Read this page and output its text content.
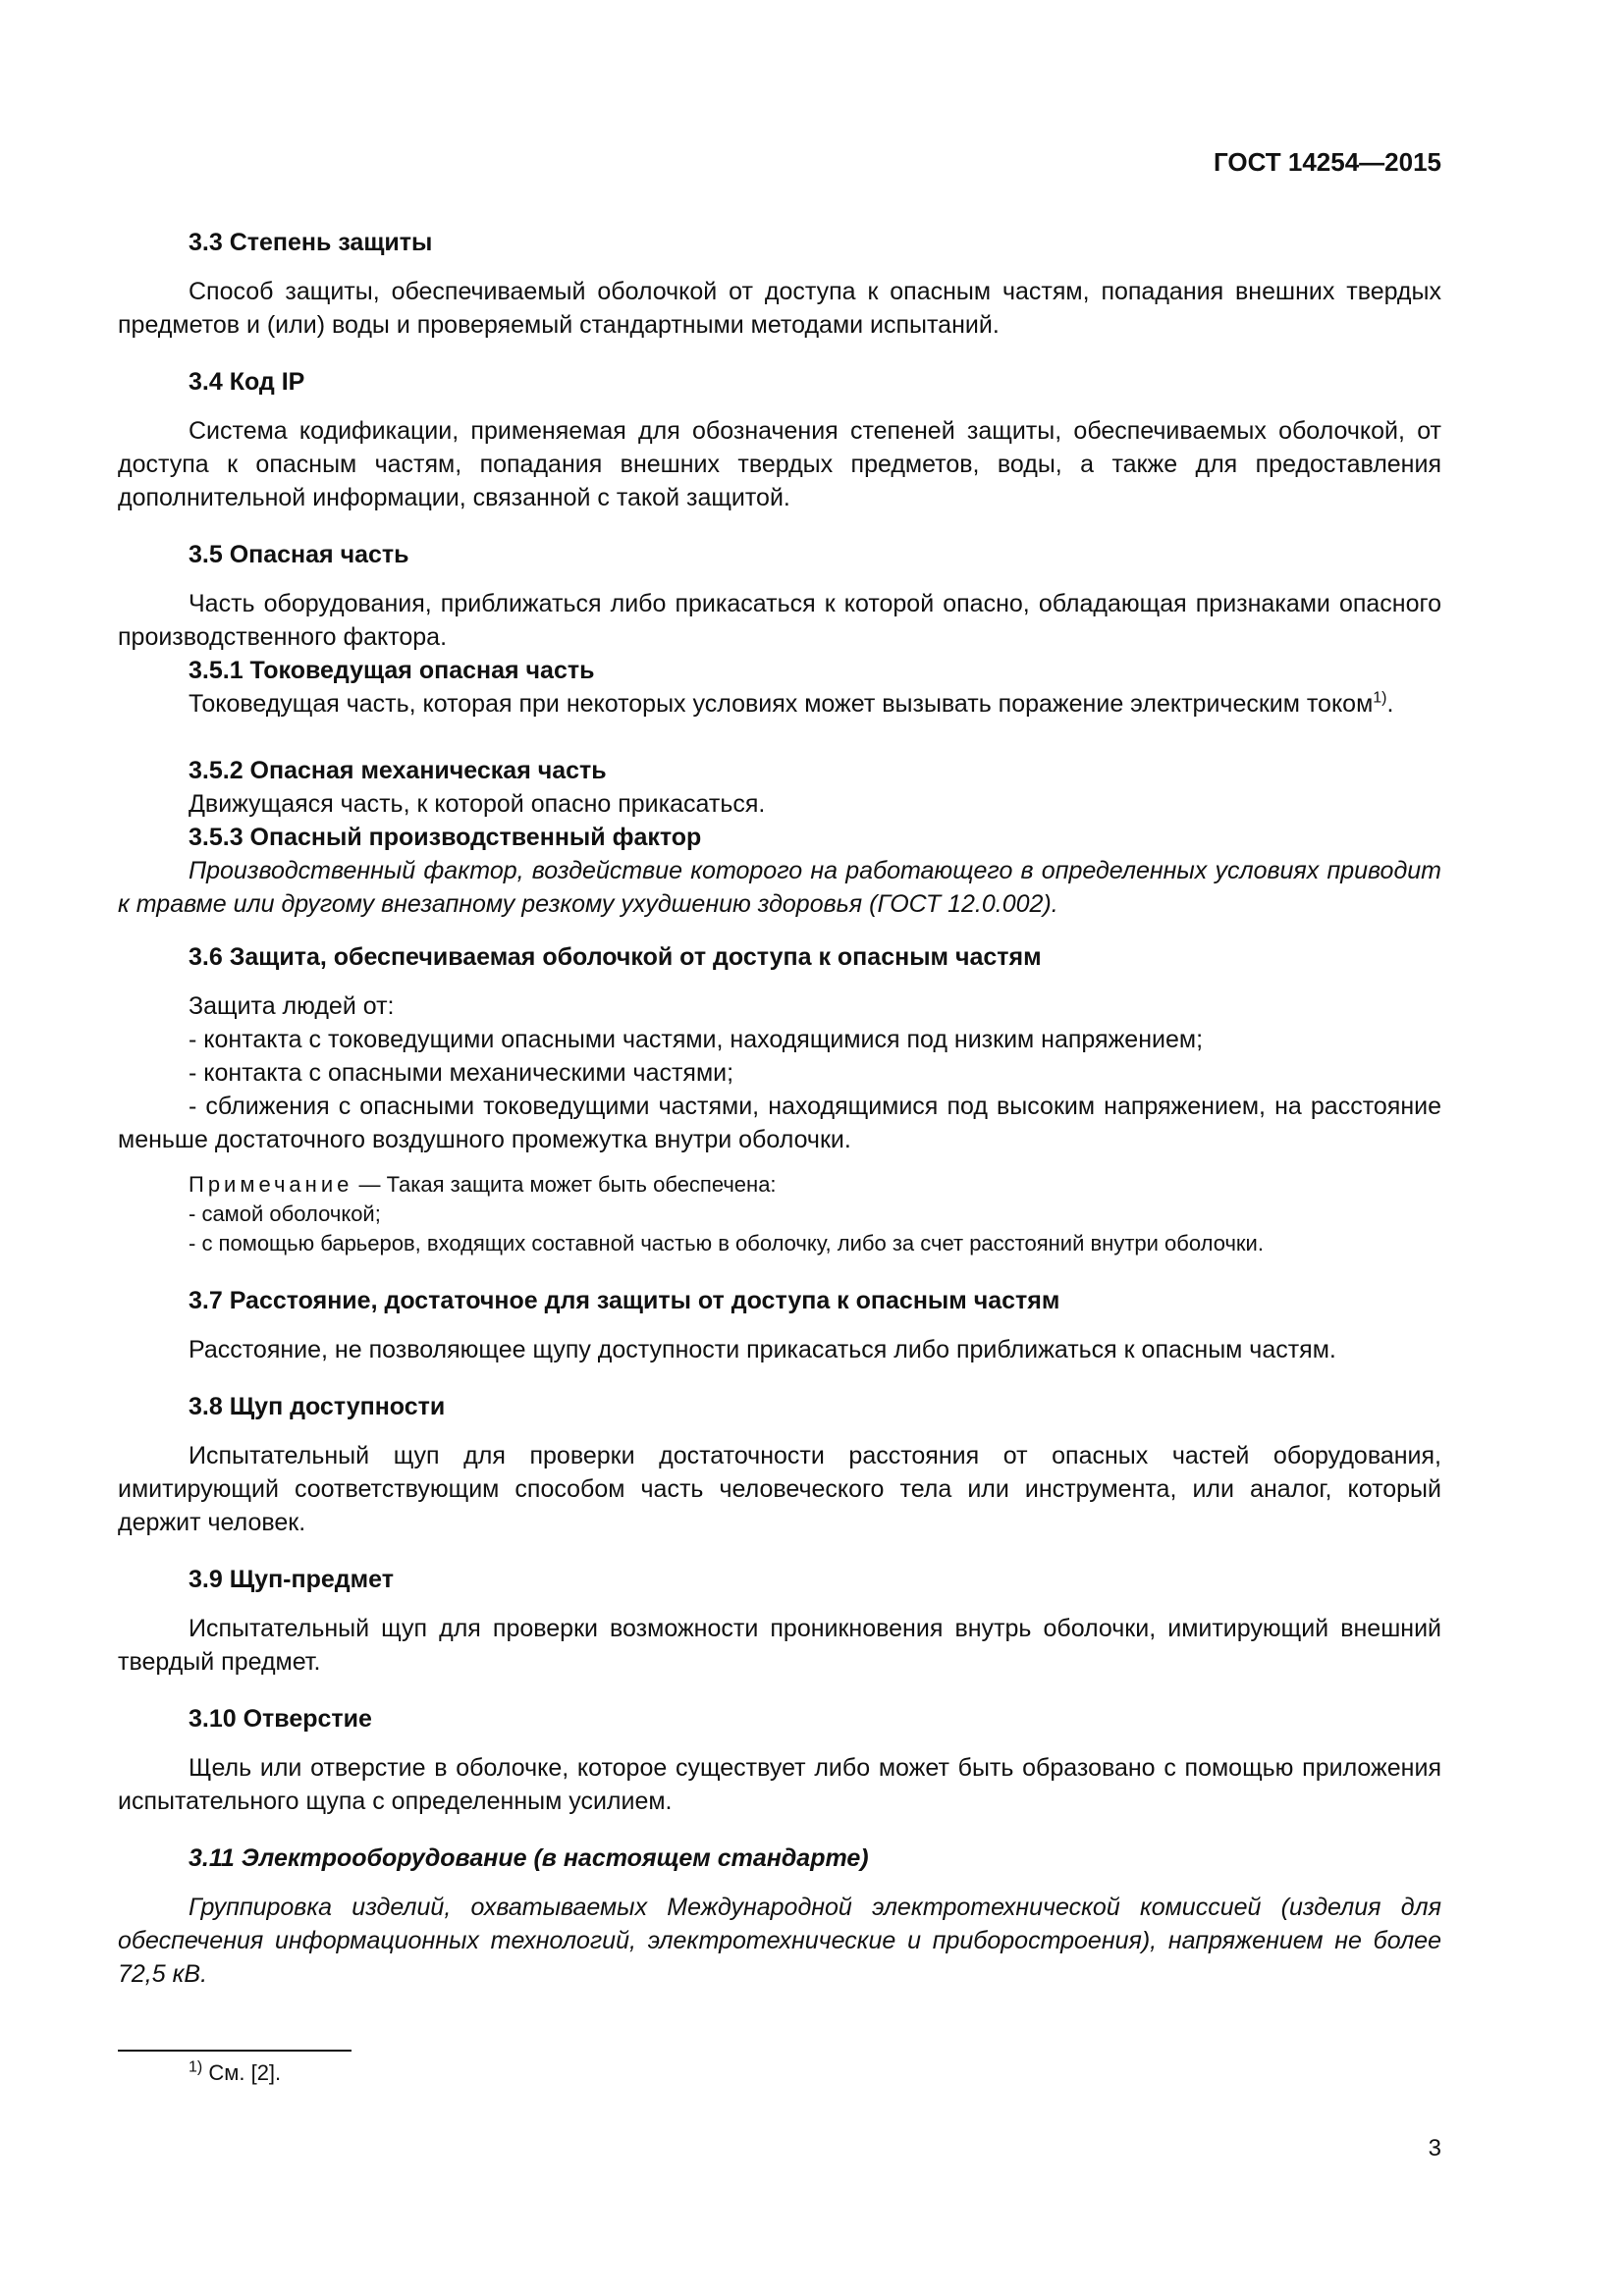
ГОСТ 14254—2015

3.3 Степень защиты

Способ защиты, обеспечиваемый оболочкой от доступа к опасным частям, попадания внешних твердых предметов и (или) воды и проверяемый стандартными методами испытаний.

3.4 Код IP

Система кодификации, применяемая для обозначения степеней защиты, обеспечиваемых оболочкой, от доступа к опасным частям, попадания внешних твердых предметов, воды, а также для предоставления дополнительной информации, связанной с такой защитой.

3.5 Опасная часть

Часть оборудования, приближаться либо прикасаться к которой опасно, обладающая признаками опасного производственного фактора.

3.5.1 Токоведущая опасная часть

Токоведущая часть, которая при некоторых условиях может вызывать поражение электрическим током$^{1)}$.

3.5.2 Опасная механическая часть

Движущаяся часть, к которой опасно прикасаться.

3.5.3 Опасный производственный фактор

Производственный фактор, воздействие которого на работающего в определенных условиях приводит к травме или другому внезапному резкому ухудшению здоровья (ГОСТ 12.0.002).

3.6 Защита, обеспечиваемая оболочкой от доступа к опасным частям

Защита людей от:

- контакта с токоведущими опасными частями, находящимися под низким напряжением;

- контакта с опасными механическими частями;

- сближения с опасными токоведущими частями, находящимися под высоким напряжением, на расстояние меньше достаточного воздушного промежутка внутри оболочки.

Примечание — Такая защита может быть обеспечена:

- самой оболочкой;

- с помощью барьеров, входящих составной частью в оболочку, либо за счет расстояний внутри оболочки.

3.7 Расстояние, достаточное для защиты от доступа к опасным частям

Расстояние, не позволяющее щупу доступности прикасаться либо приближаться к опасным частям.

3.8 Щуп доступности

Испытательный щуп для проверки достаточности расстояния от опасных частей оборудования, имитирующий соответствующим способом часть человеческого тела или инструмента, или аналог, который держит человек.

3.9 Щуп-предмет

Испытательный щуп для проверки возможности проникновения внутрь оболочки, имитирующий внешний твердый предмет.

3.10 Отверстие

Щель или отверстие в оболочке, которое существует либо может быть образовано с помощью приложения испытательного щупа с определенным усилием.

3.11 Электрооборудование (в настоящем стандарте)

Группировка изделий, охватываемых Международной электротехнической комиссией (изделия для обеспечения информационных технологий, электротехнические и приборостроения), напряжением не более 72,5 кВ.

$^{1)}$ См. [2].
3
